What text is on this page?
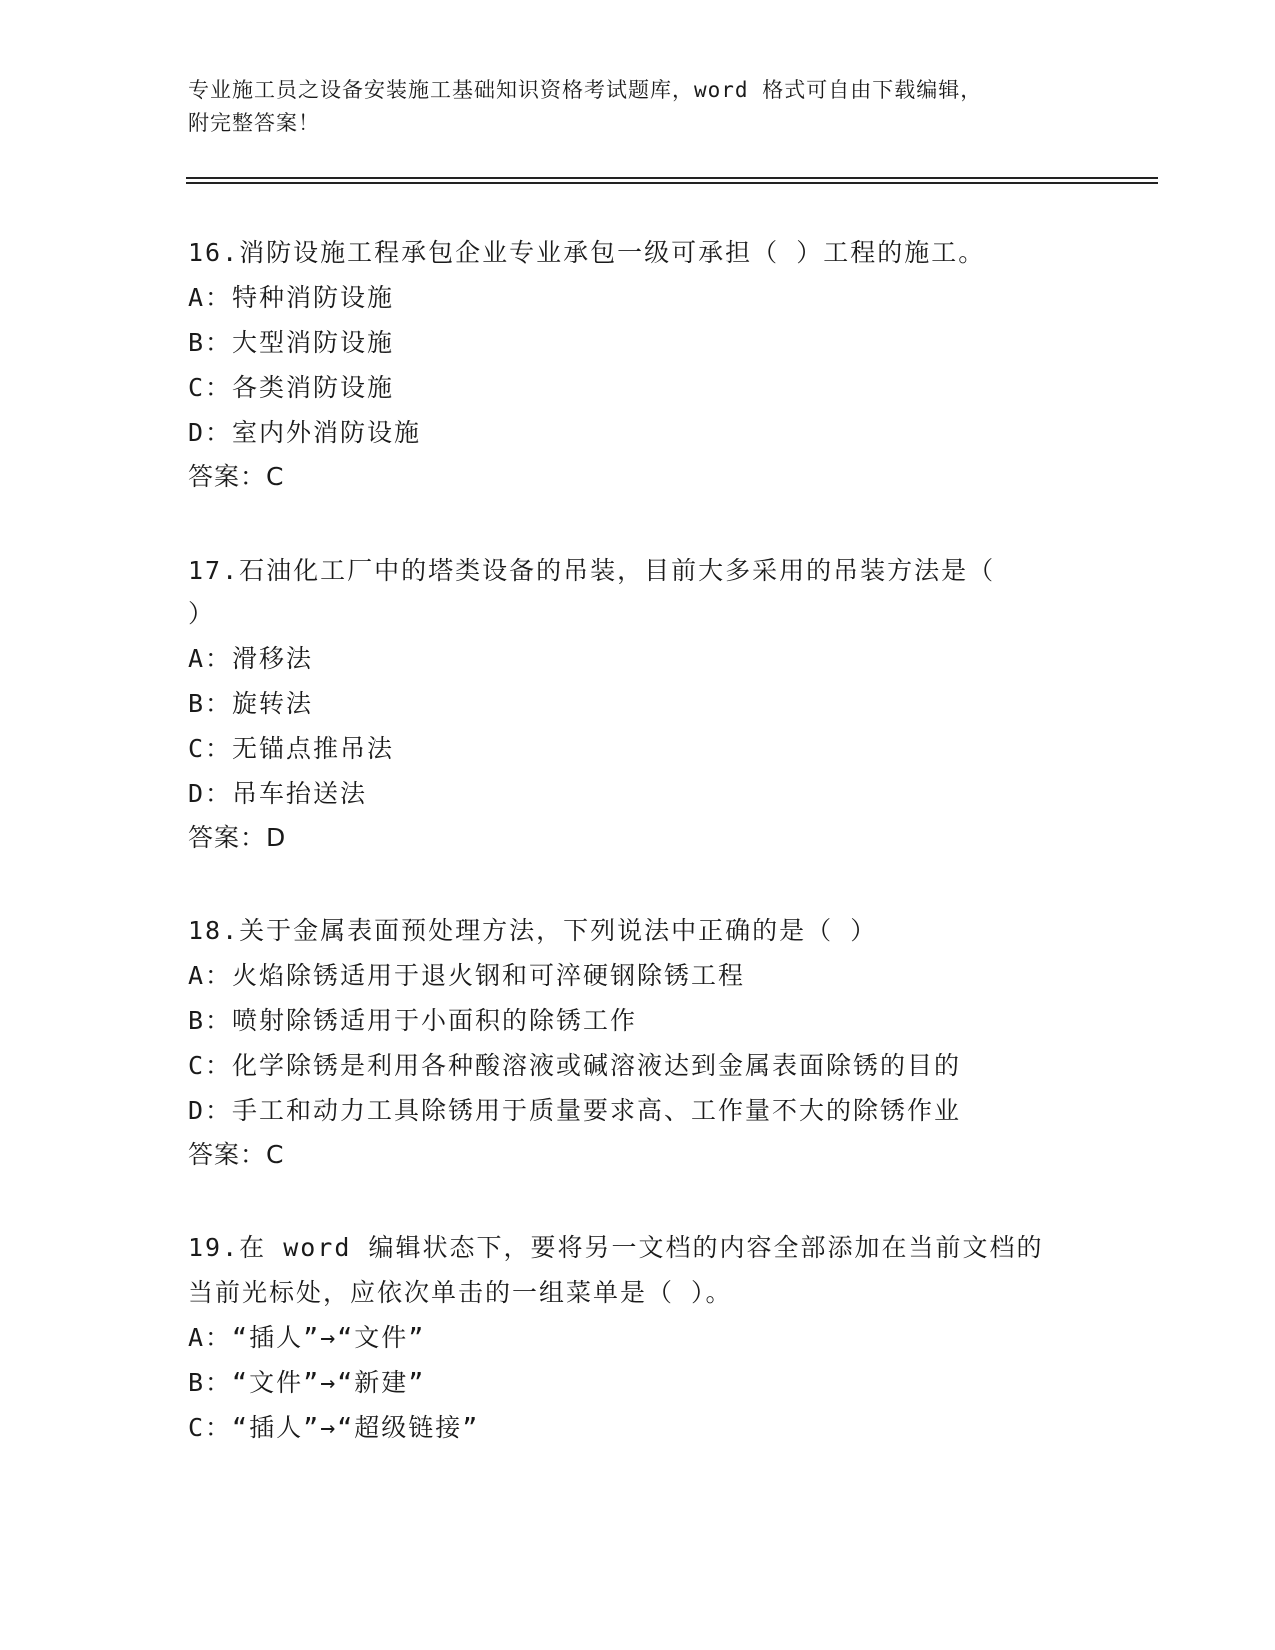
专业施工员之设备安装施工基础知识资格考试题库，word 格式可自由下载编辑，
附完整答案！
16.消防设施工程承包企业专业承包一级可承担（ ）工程的施工。
A：特种消防设施
B：大型消防设施
C：各类消防设施
D：室内外消防设施
答案：C
17.石油化工厂中的塔类设备的吊装，目前大多采用的吊装方法是（
）
A：滑移法
B：旋转法
C：无锚点推吊法
D：吊车抬送法
答案：D
18.关于金属表面预处理方法，下列说法中正确的是（ ）
A：火焰除锈适用于退火钢和可淬硬钢除锈工程
B：喷射除锈适用于小面积的除锈工作
C：化学除锈是利用各种酸溶液或碱溶液达到金属表面除锈的目的
D：手工和动力工具除锈用于质量要求高、工作量不大的除锈作业
答案：C
19.在 word 编辑状态下，要将另一文档的内容全部添加在当前文档的
当前光标处，应依次单击的一组菜单是（ ）。
A：“插人”→“文件”
B：“文件”→“新建”
C：“插人”→“超级链接”
